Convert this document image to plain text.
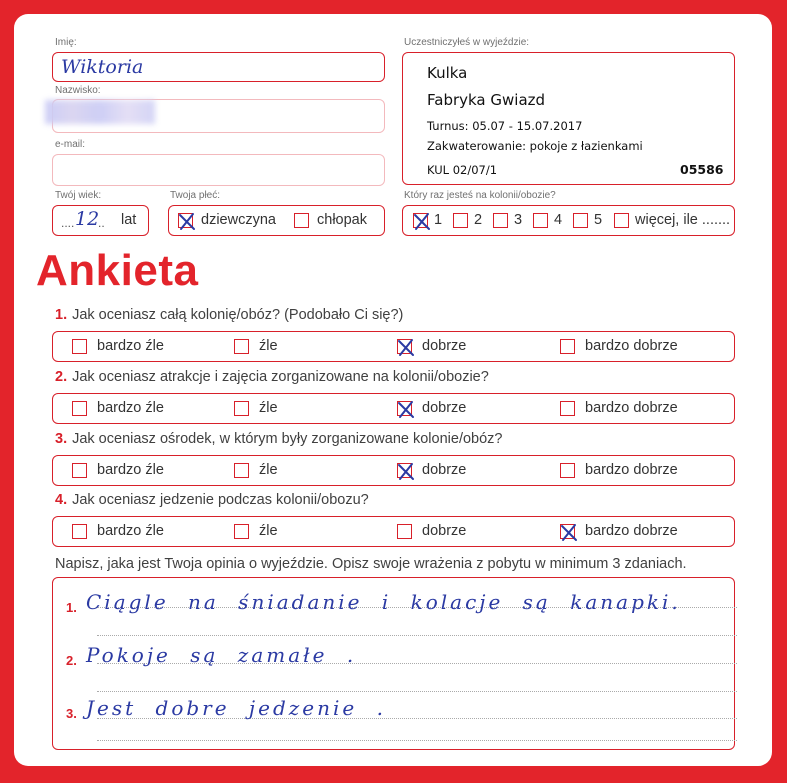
Imię:
Wiktoria
Nazwisko:
e-mail:
Twój wiek:
.... 12
.. lat
Twoja płeć:
dziewczyna	chłopak
Uczestniczyłeś w wyjeździe:
Kulka
Fabryka Gwiazd
Turnus: 05.07 - 15.07.2017
Zakwaterowanie: pokoje z łazienkami
KUL 02/07/1	05586
Który raz jesteś na kolonii/obozie?
1 2 3 4 5 więcej, ile .......
Ankieta
1. Jak oceniasz całą kolonię/obóz? (Podobało Ci się?)
bardzo źle	źle	dobrze	bardzo dobrze
2. Jak oceniasz atrakcje i zajęcia zorganizowane na kolonii/obozie?
bardzo źle	źle	dobrze	bardzo dobrze
3. Jak oceniasz ośrodek, w którym były zorganizowane kolonie/obóz?
bardzo źle	źle	dobrze	bardzo dobrze
4. Jak oceniasz jedzenie podczas kolonii/obozu?
bardzo źle	źle	dobrze	bardzo dobrze
Napisz, jaka jest Twoja opinia o wyjeździe. Opisz swoje wrażenia z pobytu w minimum 3 zdaniach.
1. Ciągle na śniadanie i kolacje są kanapki.
2. Pokoje są zamałe .
3. Jest dobre jedzenie .
